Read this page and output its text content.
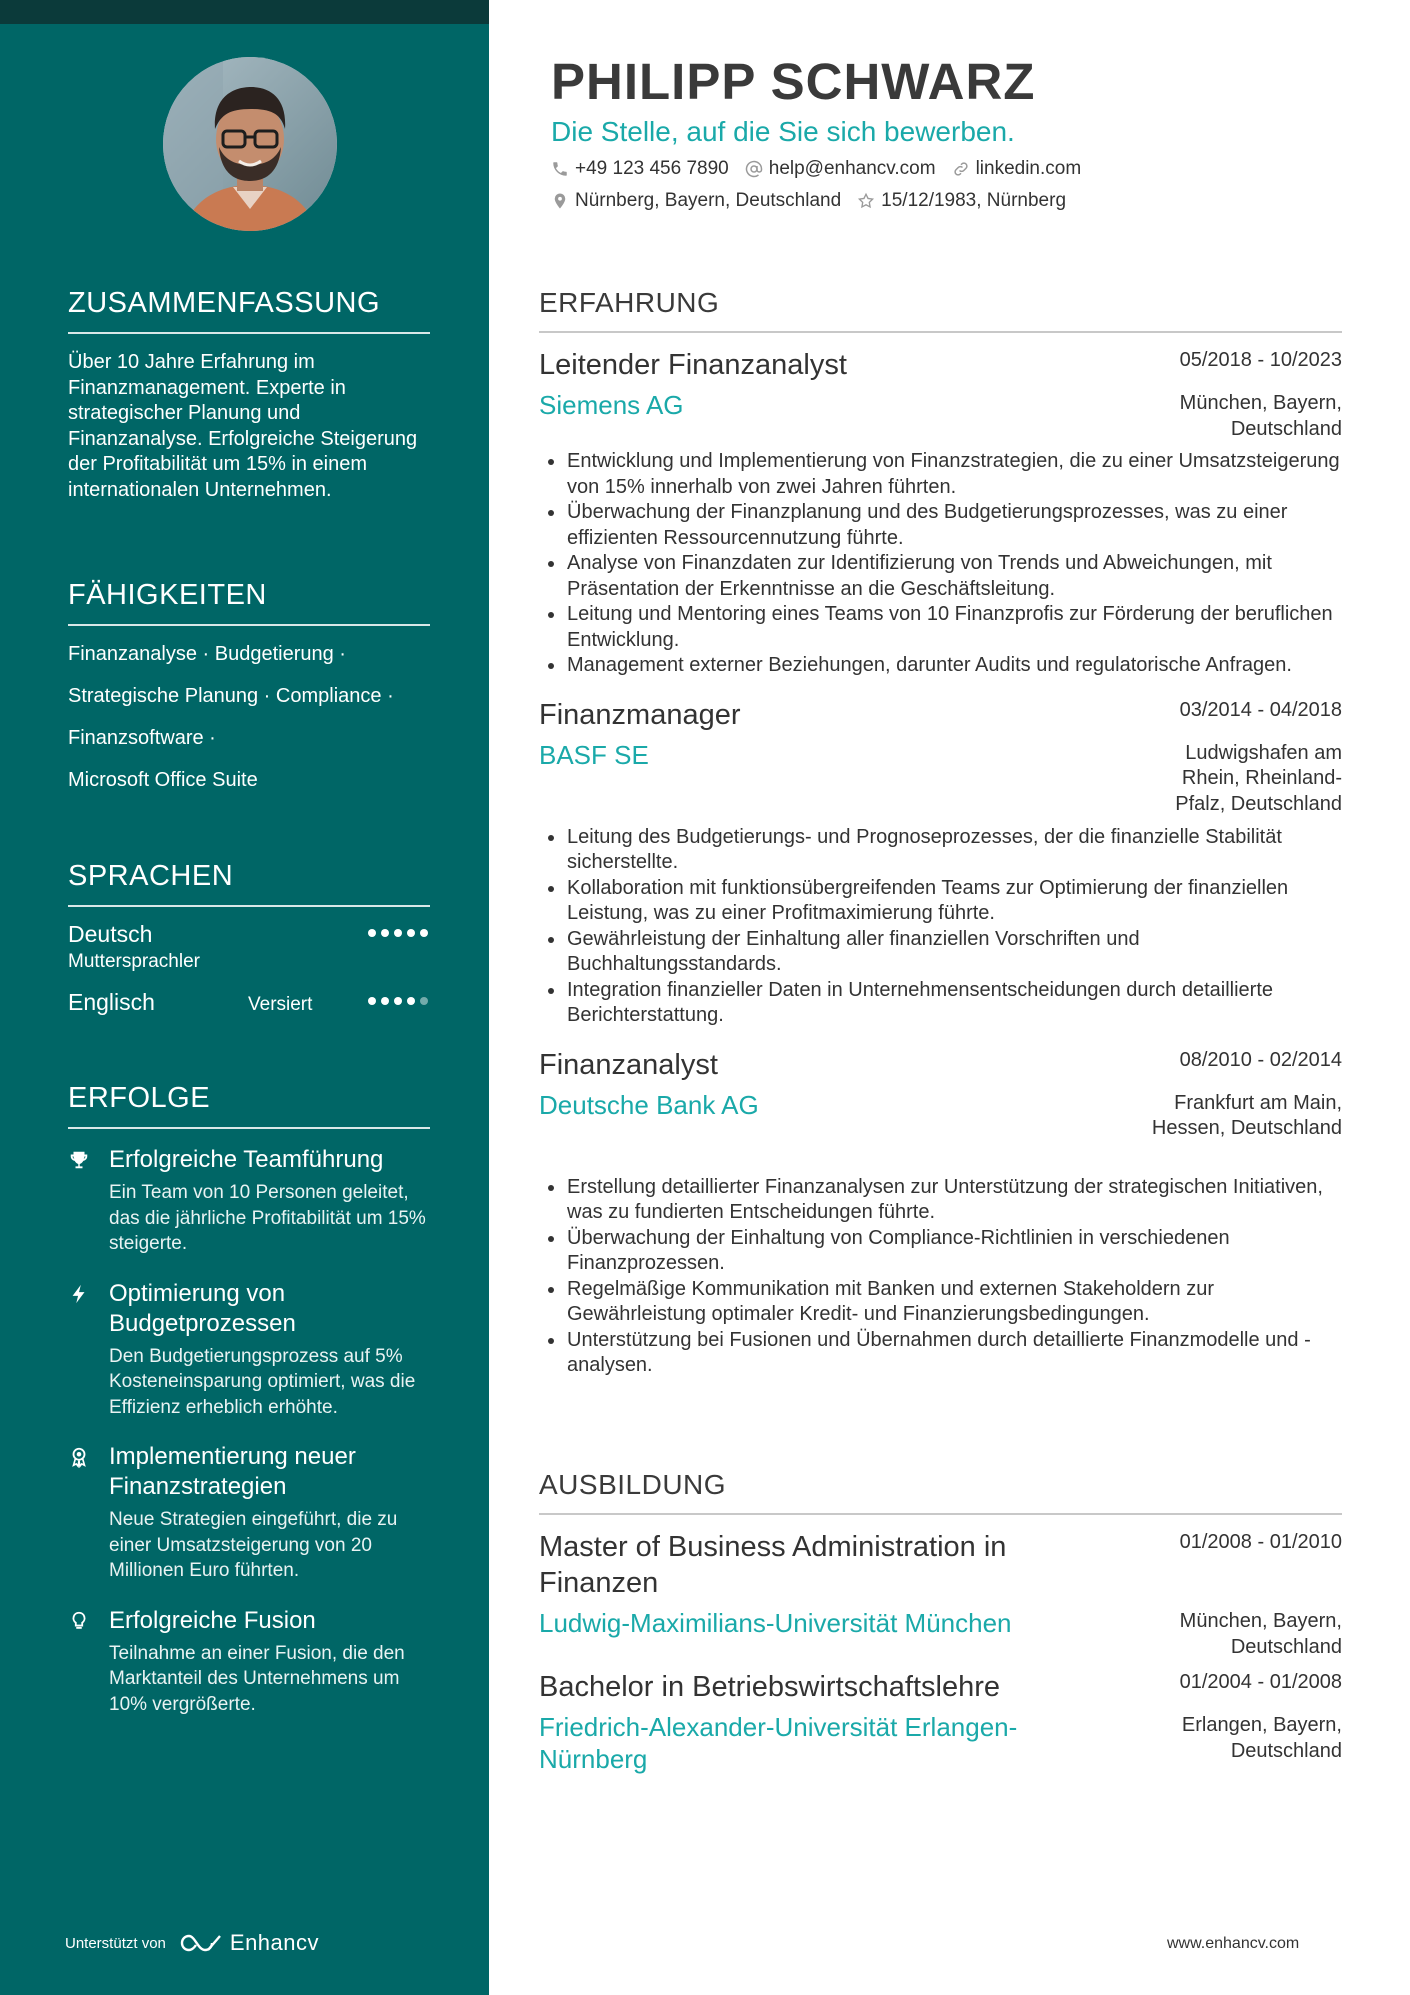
ZUSAMMENFASSUNG

Über 10 Jahre Erfahrung im Finanzmanagement. Experte in strategischer Planung und Finanzanalyse. Erfolgreiche Steigerung der Profitabilität um 15% in einem internationalen Unternehmen.

FÄHIGKEITEN
Finanzanalyse · Budgetierung ·
Strategische Planung · Compliance ·
Finanzsoftware ·
Microsoft Office Suite
SPRACHEN
Deutsch
Muttersprachler
Englisch	Versiert
ERFOLGE
Erfolgreiche Teamführung
Ein Team von 10 Personen geleitet, das die jährliche Profitabilität um 15% steigerte.
Optimierung von Budgetprozessen
Den Budgetierungsprozess auf 5% Kosteneinsparung optimiert, was die Effizienz erheblich erhöhte.
Implementierung neuer Finanzstrategien
Neue Strategien eingeführt, die zu einer Umsatzsteigerung von 20 Millionen Euro führten.
Erfolgreiche Fusion
Teilnahme an einer Fusion, die den Marktanteil des Unternehmens um 10% vergrößerte.
Unterstützt von	Enhancv
PHILIPP SCHWARZ
Die Stelle, auf die Sie sich bewerben.
+49 123 456 7890 help@enhancv.com linkedin.com
Nürnberg, Bayern, Deutschland 15/12/1983, Nürnberg
ERFAHRUNG
Leitender Finanzanalyst	05/2018 - 10/2023
Siemens AG	München, Bayern, Deutschland
Entwicklung und Implementierung von Finanzstrategien, die zu einer Umsatzsteigerung von 15% innerhalb von zwei Jahren führten.
Überwachung der Finanzplanung und des Budgetierungsprozesses, was zu einer effizienten Ressourcennutzung führte.
Analyse von Finanzdaten zur Identifizierung von Trends und Abweichungen, mit Präsentation der Erkenntnisse an die Geschäftsleitung.
Leitung und Mentoring eines Teams von 10 Finanzprofis zur Förderung der beruflichen Entwicklung.
Management externer Beziehungen, darunter Audits und regulatorische Anfragen.
Finanzmanager	03/2014 - 04/2018
BASF SE	Ludwigshafen am Rhein, Rheinland-Pfalz, Deutschland
Leitung des Budgetierungs- und Prognoseprozesses, der die finanzielle Stabilität sicherstellte.
Kollaboration mit funktionsübergreifenden Teams zur Optimierung der finanziellen Leistung, was zu einer Profitmaximierung führte.
Gewährleistung der Einhaltung aller finanziellen Vorschriften und Buchhaltungsstandards.
Integration finanzieller Daten in Unternehmensentscheidungen durch detaillierte Berichterstattung.
Finanzanalyst	08/2010 - 02/2014
Deutsche Bank AG	Frankfurt am Main, Hessen, Deutschland
Erstellung detaillierter Finanzanalysen zur Unterstützung der strategischen Initiativen, was zu fundierten Entscheidungen führte.
Überwachung der Einhaltung von Compliance-Richtlinien in verschiedenen Finanzprozessen.
Regelmäßige Kommunikation mit Banken und externen Stakeholdern zur Gewährleistung optimaler Kredit- und Finanzierungsbedingungen.
Unterstützung bei Fusionen und Übernahmen durch detaillierte Finanzmodelle und -analysen.
AUSBILDUNG
Master of Business Administration in Finanzen
01/2008 - 01/2010
Ludwig-Maximilians-Universität München	München, Bayern, Deutschland
Bachelor in Betriebswirtschaftslehre	01/2004 - 01/2008
Friedrich-Alexander-Universität Erlangen-Nürnberg
Erlangen, Bayern, Deutschland
www.enhancv.com
